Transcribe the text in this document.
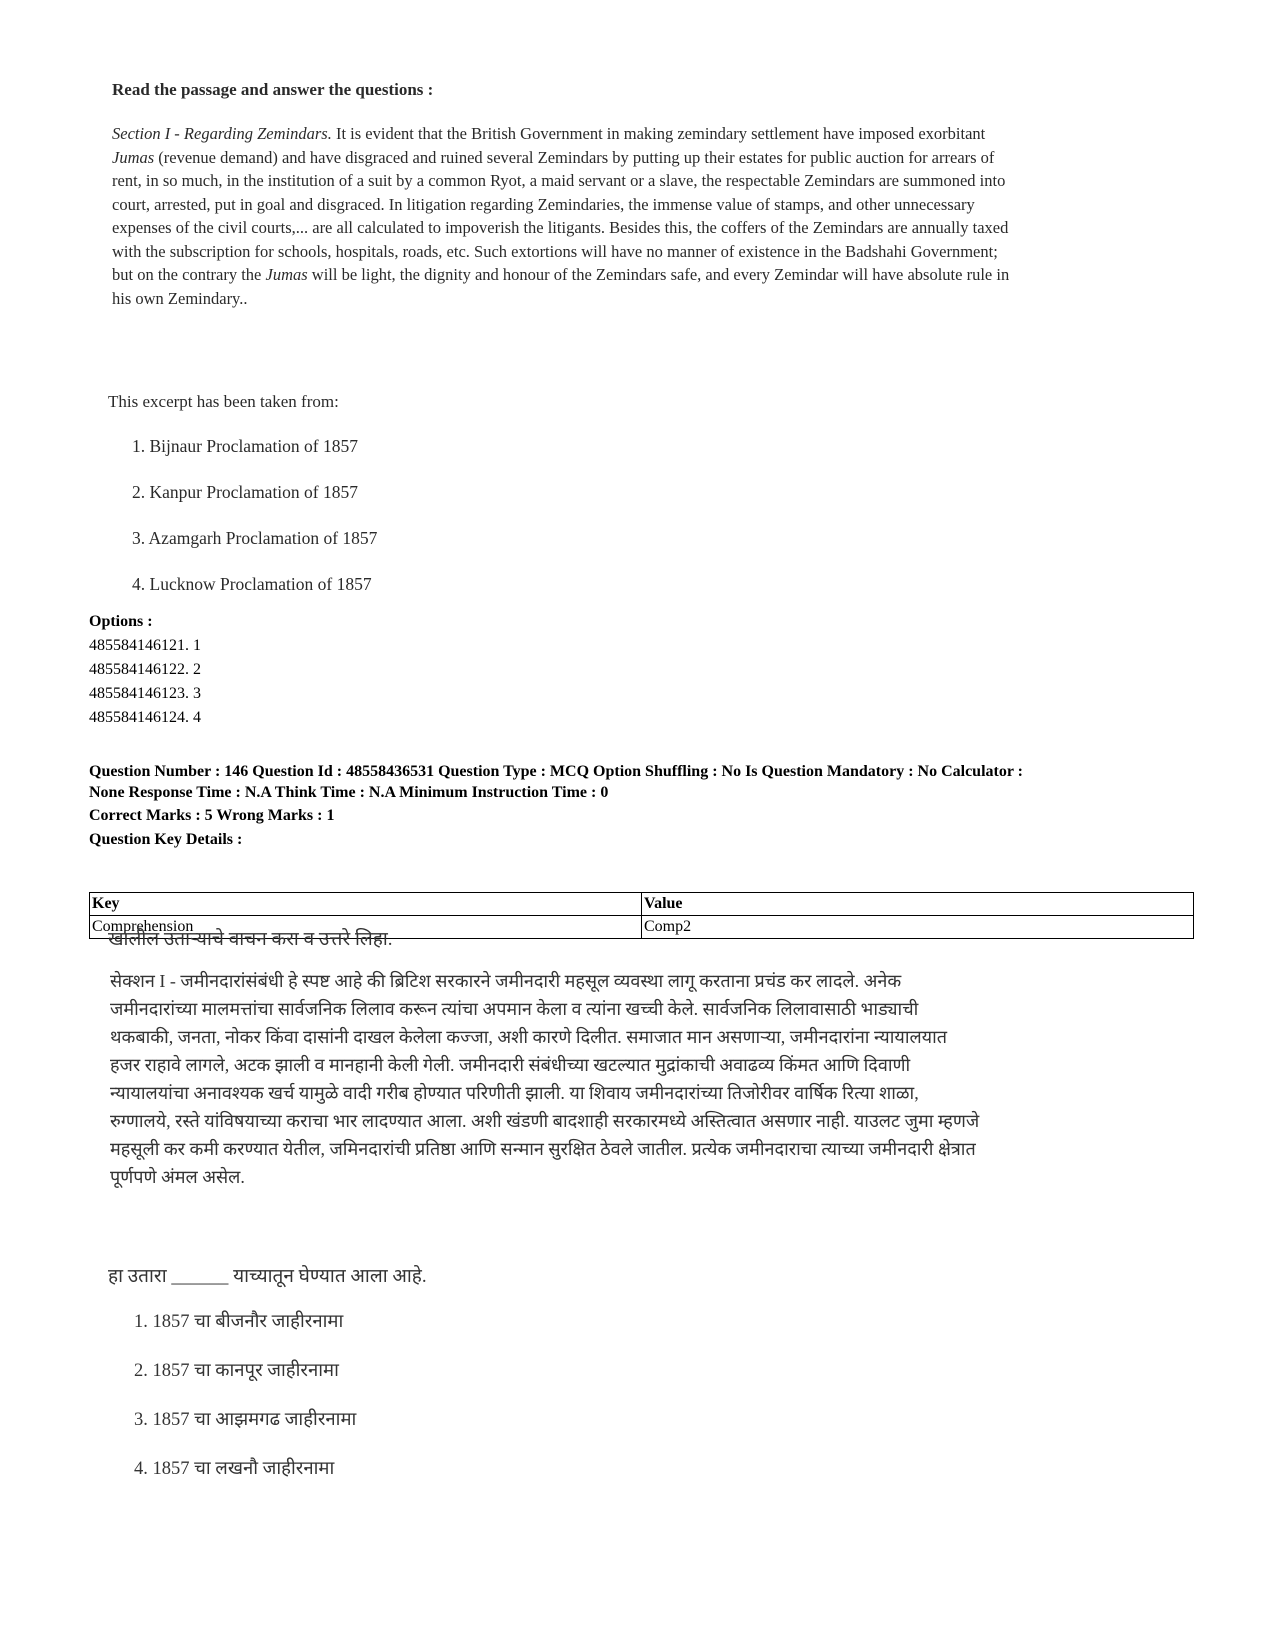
Read the passage and answer the questions :

Section I - Regarding Zemindars. It is evident that the British Government in making zemindary settlement have imposed exorbitant Jumas (revenue demand) and have disgraced and ruined several Zemindars by putting up their estates for public auction for arrears of rent, in so much, in the institution of a suit by a common Ryot, a maid servant or a slave, the respectable Zemindars are summoned into court, arrested, put in goal and disgraced. In litigation regarding Zemindaries, the immense value of stamps, and other unnecessary expenses of the civil courts,... are all calculated to impoverish the litigants. Besides this, the coffers of the Zemindars are annually taxed with the subscription for schools, hospitals, roads, etc. Such extortions will have no manner of existence in the Badshahi Government; but on the contrary the Jumas will be light, the dignity and honour of the Zemindars safe, and every Zemindar will have absolute rule in his own Zemindary..

This excerpt has been taken from:

1. Bijnaur Proclamation of 1857
2. Kanpur Proclamation of 1857
3. Azamgarh Proclamation of 1857
4. Lucknow Proclamation of 1857
Options :
485584146121. 1
485584146122. 2
485584146123. 3
485584146124. 4
Question Number : 146 Question Id : 48558436531 Question Type : MCQ Option Shuffling : No Is Question Mandatory : No Calculator :
None Response Time : N.A Think Time : N.A Minimum Instruction Time : 0
Correct Marks : 5 Wrong Marks : 1
Question Key Details :
Key	Value
Comprehension	Comp2

खालील उताऱ्याचे वाचन करा व उत्तरे लिहा.

सेक्शन I - जमीनदारांसंबंधी हे स्पष्ट आहे की ब्रिटिश सरकारने जमीनदारी महसूल व्यवस्था लागू करताना प्रचंड कर लादले. अनेक जमीनदारांच्या मालमत्तांचा सार्वजनिक लिलाव करून त्यांचा अपमान केला व त्यांना खच्ची केले. सार्वजनिक लिलावासाठी भाड्याची थकबाकी, जनता, नोकर किंवा दासांनी दाखल केलेला कज्जा, अशी कारणे दिलीत. समाजात मान असणाऱ्या, जमीनदारांना न्यायालयात हजर राहावे लागले, अटक झाली व मानहानी केली गेली. जमीनदारी संबंधीच्या खटल्यात मुद्रांकाची अवाढव्य किंमत आणि दिवाणी न्यायालयांचा अनावश्यक खर्च यामुळे वादी गरीब होण्यात परिणीती झाली. या शिवाय जमीनदारांच्या तिजोरीवर वार्षिक रित्या शाळा, रुग्णालये, रस्ते यांविषयाच्या कराचा भार लादण्यात आला. अशी खंडणी बादशाही सरकारमध्ये अस्तित्वात असणार नाही. याउलट जुमा म्हणजे महसूली कर कमी करण्यात येतील, जमिनदारांची प्रतिष्ठा आणि सन्मान सुरक्षित ठेवले जातील. प्रत्येक जमीनदाराचा त्याच्या जमीनदारी क्षेत्रात पूर्णपणे अंमल असेल.

हा उतारा ______ याच्यातून घेण्यात आला आहे.

1. 1857 चा बीजनौर जाहीरनामा
2. 1857 चा कानपूर जाहीरनामा
3. 1857 चा आझमगढ जाहीरनामा
4. 1857 चा लखनौ जाहीरनामा
